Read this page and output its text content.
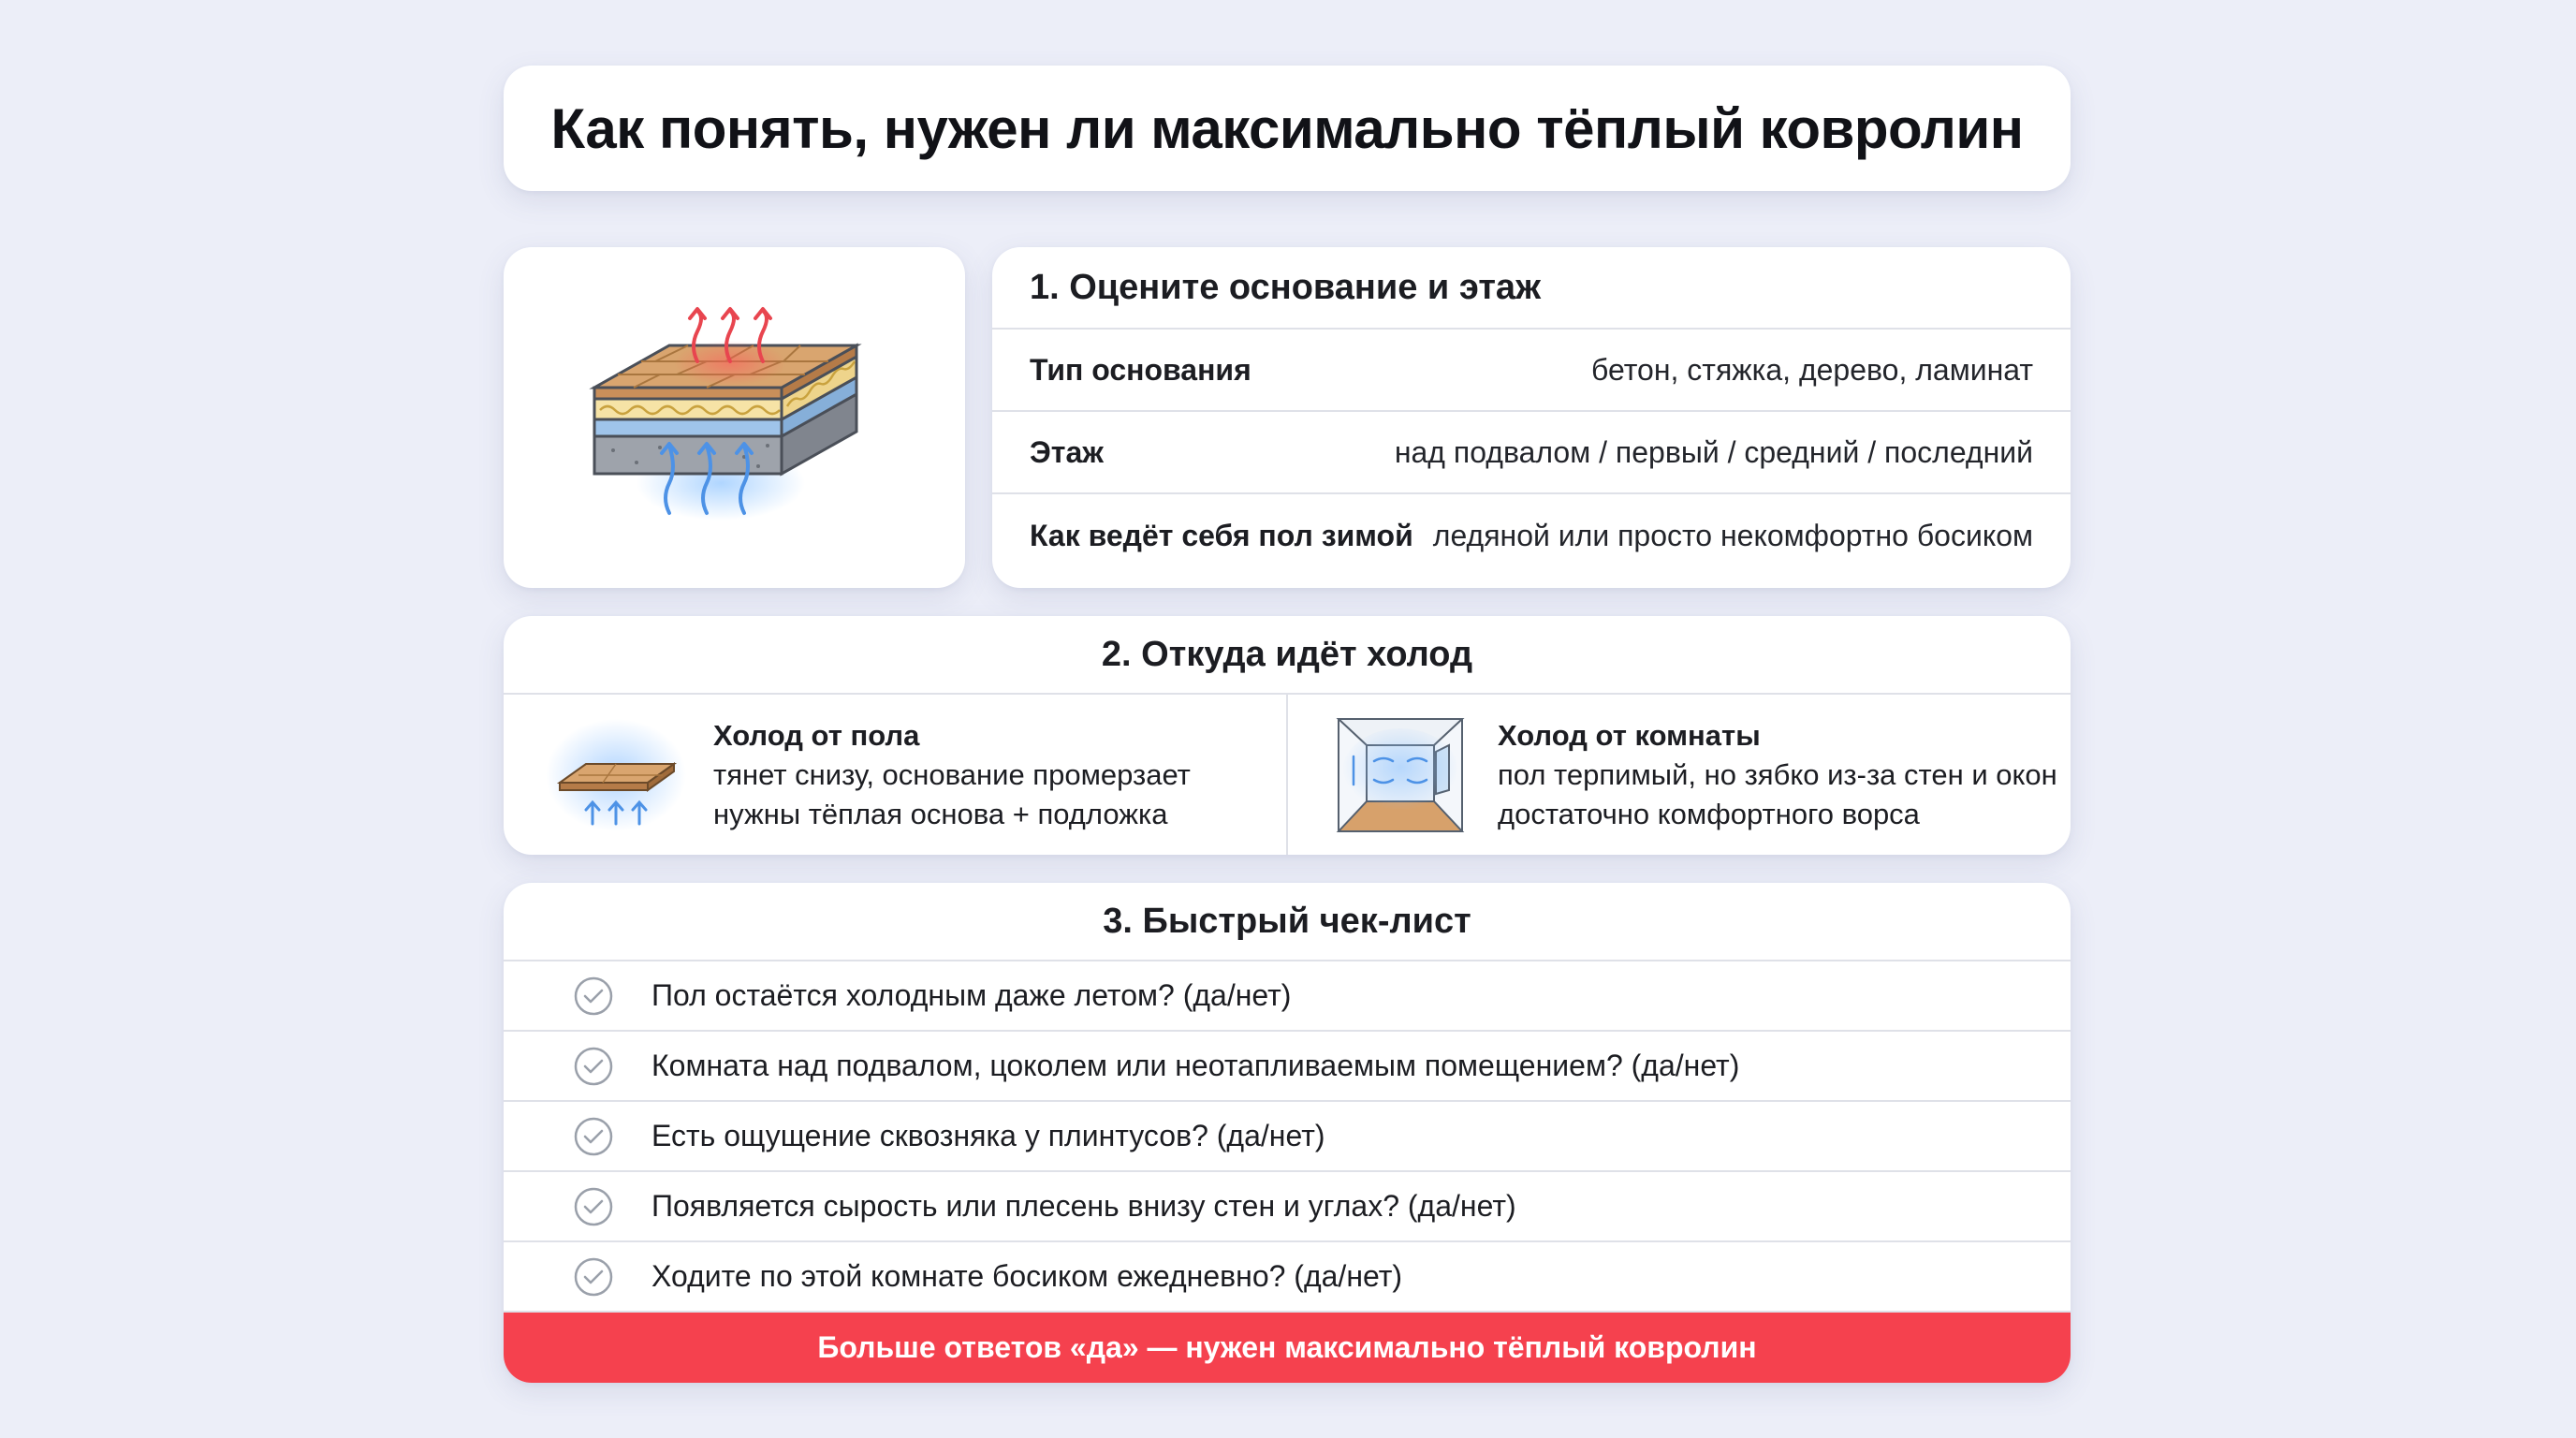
Как понять, нужен ли максимально тёплый ковролин
1. Оцените основание и этаж
Тип основания	бетон, стяжка, дерево, ламинат
Этаж	над подвалом / первый / средний / последний
Как ведёт себя пол зимой ледяной или просто некомфортно босиком
2. Откуда идёт холод
Холод от пола
тянет снизу, основание промерзает
нужны тёплая основа + подложка
Холод от комнаты
пол терпимый, но зябко из-за стен и окон
достаточно комфортного ворса
3. Быстрый чек-лист
Пол остаётся холодным даже летом? (да/нет)
Комната над подвалом, цоколем или неотапливаемым помещением? (да/нет)
Есть ощущение сквозняка у плинтусов? (да/нет)
Появляется сырость или плесень внизу стен и углах? (да/нет)
Ходите по этой комнате босиком ежедневно? (да/нет)
Больше ответов «да» — нужен максимально тёплый ковролин
